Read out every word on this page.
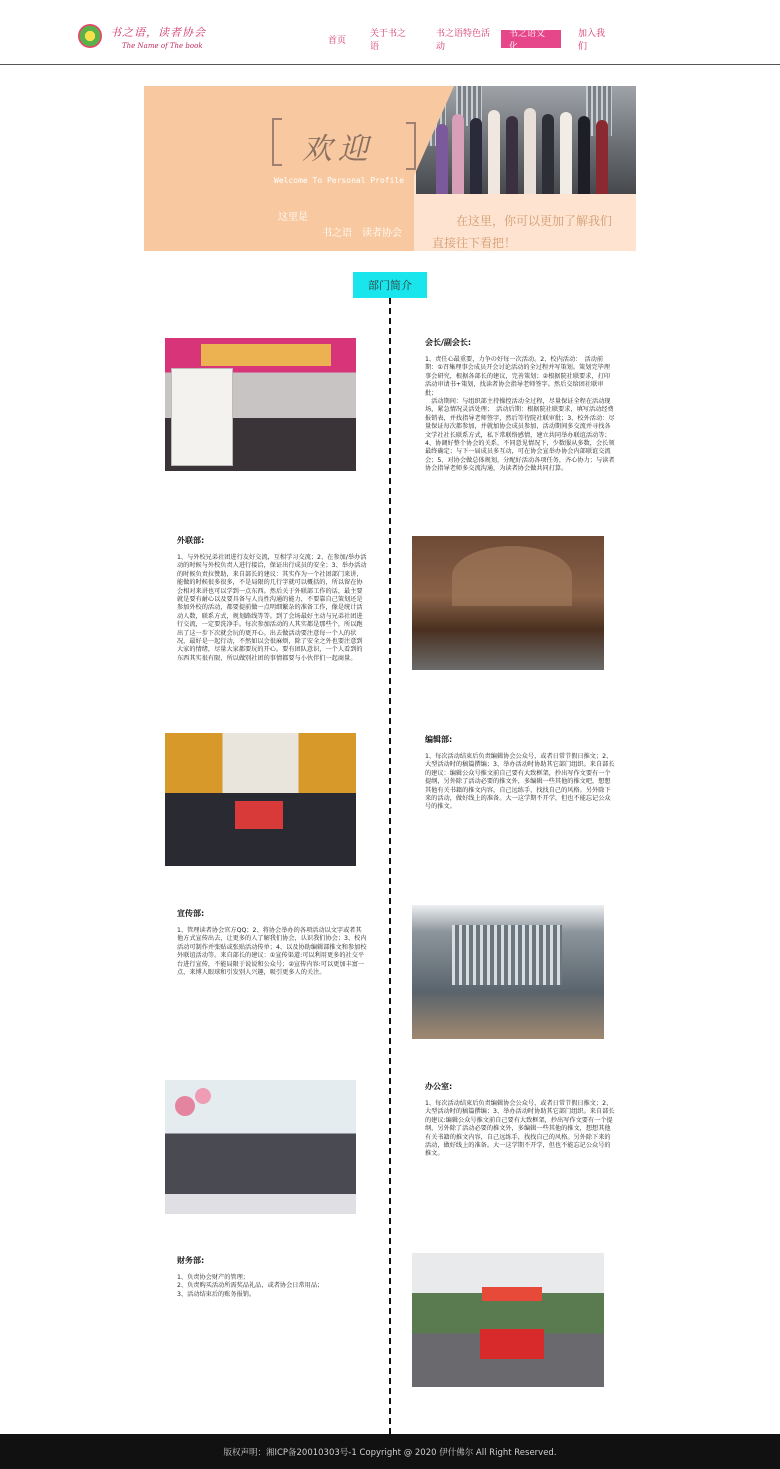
书之语，读者协会
The Name of The book
首页
关于书之语
书之语特色活动
书之语文化
加入我们
欢迎
Welcome To Personal Profile
这里是
书之语 读者协会
在这里，你可以更加了解我们
直接往下看把！
部门简介
会长/副会长:
1、责任心最重要，力争の好每一次活动。2、校内活动：　活动前期：①召集理事会成员开会讨论活动的全过程并写策划。策划完毕理事会研究，根据各部长的建议，完善策划；②根据院社联要求，打印活动审请书+策划，找读者协会指导老师签字。然后交给团社联审批；
　活动期间：与组织部主持操控活动全过程，尽量保证全程在活动现场，紧急情况灵活处理；　活动后期：根据院社联要求，填写活动经费报销表，并找指导老师签字，然后等待院社联审批；3、校外活动：尽量保证每次都参加，并就加协会成员参加，活动期间多交流并寻找各文学社社长联系方式，私下常联络感情，建立共同举办联谊活动等；4、协调好整个协会的关系，不同意见情况下，少数服从多数，会长领最终确定；与下一届成员多互动，可在协会宣举办协会内部联谊交流会；5、对协会做总体规划，分配好活动各项任务，齐心协力；与读者协会指导老师多交流沟通，为读者协会做共同打算。
外联部:
1、与外校兄弟社团进行友好交流，互相学习交流；2、在参加/举办活动的时候与外校负责人进行接洽，保证出行成员的安全；3、举办活动的时候负责拉赞助，来自部长的建议：其实作为一个社团部门来讲，能做的时候很多很多，不是局限的几行字就可以概括的，所以留在协会相对来讲也可以学到一点东西。然后关于外联部工作的话，最主要就是要有耐心以及要具备与人良性沟通的能力，不要靠自己策划还是参加外校的活动，都要提前做一点明细繁杂的准备工作，像是统计活动人数，联系方式，规划路线等等。到了会场最好主动与兄弟社团进行交流，一定要洗净手。每次参加活动的人其实都是那些个，所以跑出了这一步下次就会玩的更开心。出去做活动要注意每一个人的状况，最好是一起行动，不然如以会很麻烦，除了安全之外也要注意到大家的情绪，尽量大家都要玩的开心。要有团队意识，一个人看到的东西其实很有限，所以做别社团的事情都要与小伙伴们一起商量。
编辑部:
1、每次活动结束后负责编辑协会公众号，或者日常节假日推文；2、大型活动时的稿篇撰编；3、举办活动时协助其它部门组织。来自部长的建议：编辑公众号推文前自己要有大致框架，抄出写作文要有一个提纲，另外除了活动必要的推文外，多编辑一些其他的推文吧，想想其他有关书籍的推文内容，自己远练手，找找自己的风格。另外除下来的活动，做好线上的准备。大一这学期不开学，但也不能忘记公众号的推文。
宣传部:
1、管理读者协会官方QQ；2、将协会举办的各项活动以文字或者其他方式宣传出去，让更多的人了解我们协会，认识我们协会；3、校内活动可制作并张贴或张贴活动传单；4、以及协助编辑部推文和参加校外联谊活动等。来自部长的建议：①宣传渠道:可以利用更多的社交平台进行宣传，不能局限于说说和公众号；②宣传内容:可以更加丰富一点，来博人眼球和引发别人兴趣，吸引更多人的关注。
办公室:
1、每次活动结束后负责编辑协会公众号，或者日常节假日推文；2、大型活动时的稿篇撰编；3、举办活动时协助其它部门组织。来自部长的建议:编辑公众号推文前自己要有大致框架，抄出写作文要有一个提纲，另外除了活动必要的推文外，多编辑一些其他的推文，想想其他有关书籍的推文内容，自己远练手，找找自己的风格。另外除下来的活动，做好线上的准备。大一这学期不开学，但也不能忘记公众号的推文。
财务部:
1、负责协会财产的管理；
2、负责购买活动所需奖品礼品，或者协会日常用品；
3、活动结束后的账务报销。
版权声明：湘ICP备20010303号-1 Copyright @ 2020 伊什佛尔 All Right Reserved.
